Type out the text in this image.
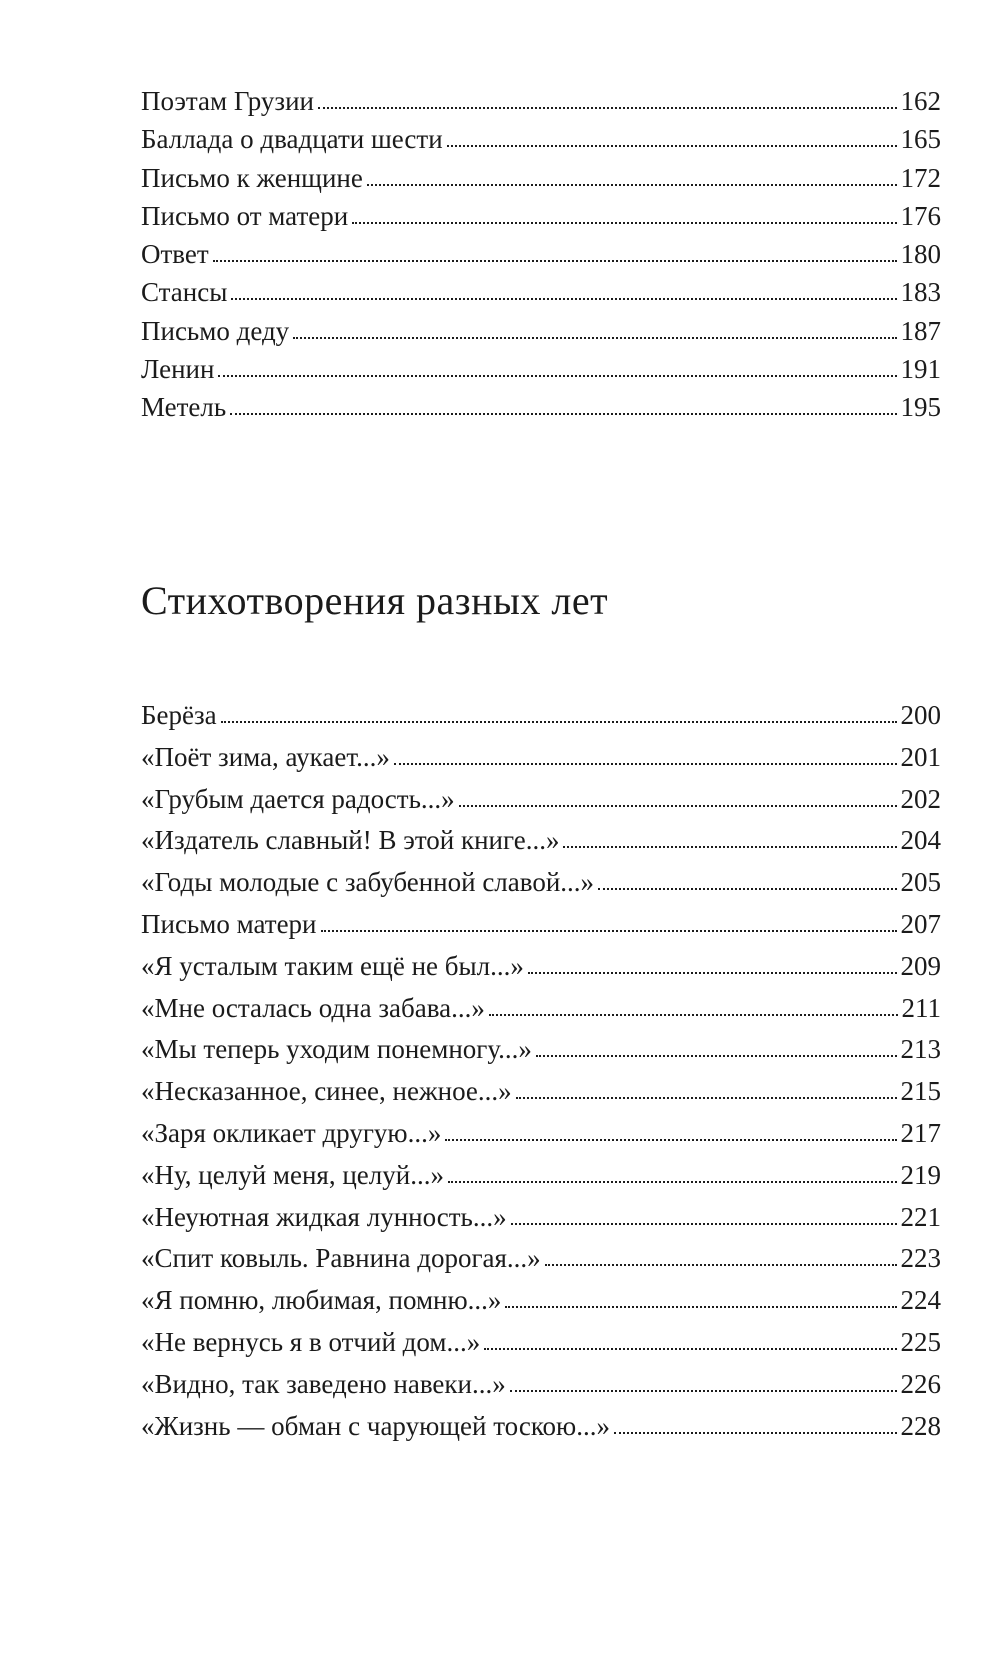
Поэтам Грузии	162
Баллада о двадцати шести	165
Письмо к женщине	172
Письмо от матери	176
Ответ	180
Стансы	183
Письмо деду	187
Ленин	191
Метель	195
Стихотворения разных лет
Берёза	200
«Поёт зима, аукает...»	201
«Грубым дается радость...»	202
«Издатель славный! В этой книге...»	204
«Годы молодые с забубенной славой...»	205
Письмо матери	207
«Я усталым таким ещё не был...»	209
«Мне осталась одна забава...»	211
«Мы теперь уходим понемногу...»	213
«Несказанное, синее, нежное...»	215
«Заря окликает другую...»	217
«Ну, целуй меня, целуй...»	219
«Неуютная жидкая лунность...»	221
«Спит ковыль. Равнина дорогая...»	223
«Я помню, любимая, помню...»	224
«Не вернусь я в отчий дом...»	225
«Видно, так заведено навеки...»	226
«Жизнь — обман с чарующей тоскою...»	228
